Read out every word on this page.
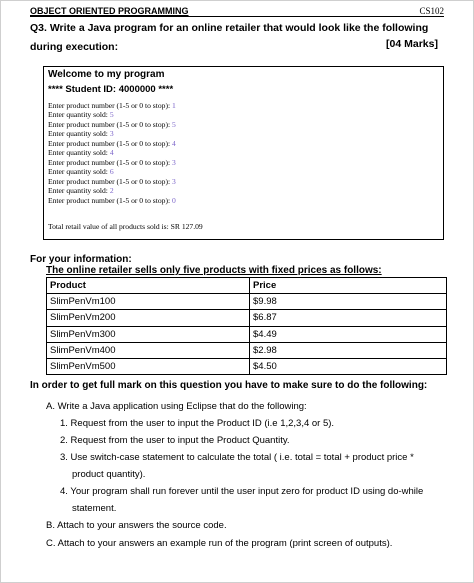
OBJECT ORIENTED PROGRAMMING	CS102
Q3. Write a Java program for an online retailer that would look like the following during execution:	[04 Marks]
Welcome to my program
**** Student ID: 4000000 ****
Enter product number (1-5 or 0 to stop): 1
Enter quantity sold: 5
Enter product number (1-5 or 0 to stop): 5
Enter quantity sold: 3
Enter product number (1-5 or 0 to stop): 4
Enter quantity sold: 4
Enter product number (1-5 or 0 to stop): 3
Enter quantity sold: 6
Enter product number (1-5 or 0 to stop): 3
Enter quantity sold: 2
Enter product number (1-5 or 0 to stop): 0
Total retail value of all products sold is: SR 127.09
For your information:
The online retailer sells only five products with fixed prices as follows:
Product	Price
SlimPenVm100	$9.98
SlimPenVm200	$6.87
SlimPenVm300	$4.49
SlimPenVm400	$2.98
SlimPenVm500	$4.50
In order to get full mark on this question you have to make sure to do the following:
A. Write a Java application using Eclipse that do the following:
1. Request from the user to input the Product ID (i.e 1,2,3,4 or 5).
2. Request from the user to input the Product Quantity.
3. Use switch-case statement to calculate the total ( i.e. total = total + product price *
product quantity).
4. Your program shall run forever until the user input zero for product ID using do-while
statement.
B. Attach to your answers the source code.
C. Attach to your answers an example run of the program (print screen of outputs).
